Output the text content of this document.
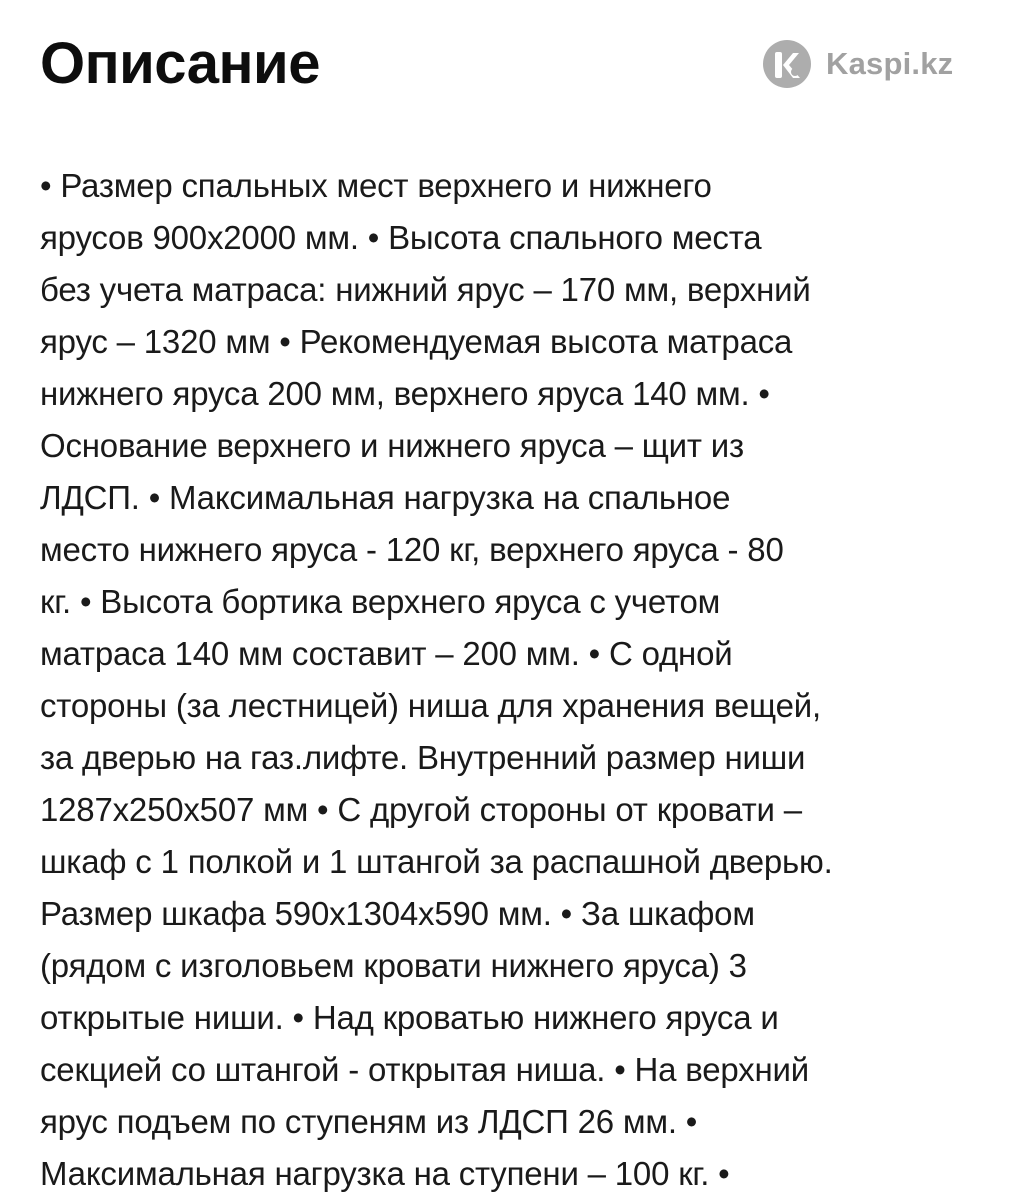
Описание	Kaspi.kz
• Размер спальных мест верхнего и нижнего
ярусов 900х2000 мм. • Высота спального места
без учета матраса: нижний ярус – 170 мм, верхний
ярус – 1320 мм • Рекомендуемая высота матраса
нижнего яруса 200 мм, верхнего яруса 140 мм. •
Основание верхнего и нижнего яруса – щит из
ЛДСП. • Максимальная нагрузка на спальное
место нижнего яруса - 120 кг, верхнего яруса - 80
кг. • Высота бортика верхнего яруса с учетом
матраса 140 мм составит – 200 мм. • С одной
стороны (за лестницей) ниша для хранения вещей,
за дверью на газ.лифте. Внутренний размер ниши
1287х250х507 мм • С другой стороны от кровати –
шкаф с 1 полкой и 1 штангой за распашной дверью.
Размер шкафа 590х1304х590 мм. • За шкафом
(рядом с изголовьем кровати нижнего яруса) 3
открытые ниши. • Над кроватью нижнего яруса и
секцией со штангой - открытая ниша. • На верхний
ярус подъем по ступеням из ЛДСП 26 мм. •
Максимальная нагрузка на ступени – 100 кг. •
